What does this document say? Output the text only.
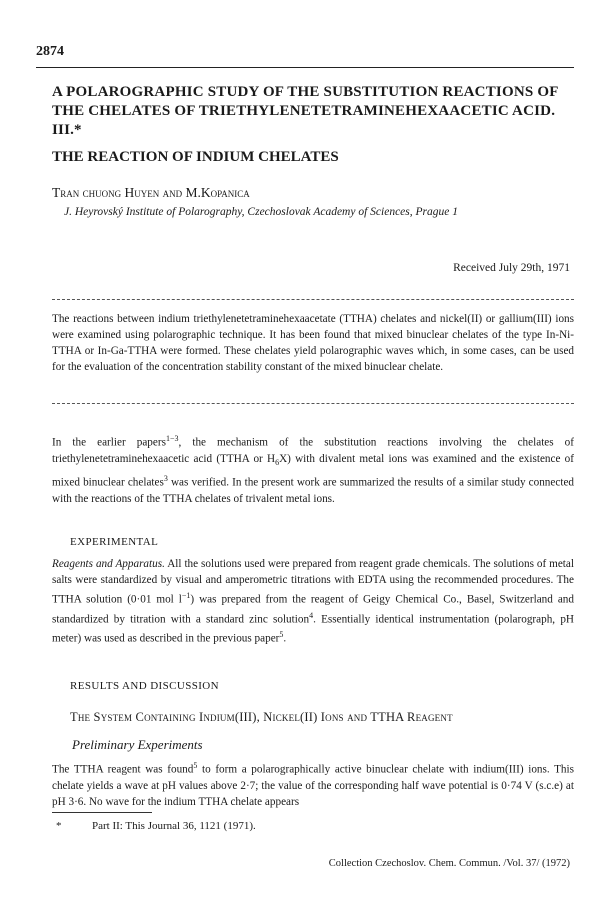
2874
A POLAROGRAPHIC STUDY OF THE SUBSTITUTION REACTIONS OF THE CHELATES OF TRIETHYLENETETRAMINEHEXAACETIC ACID. III.*
THE REACTION OF INDIUM CHELATES
Tran chuong Huyen and M.Kopanica
J. Heyrovský Institute of Polarography, Czechoslovak Academy of Sciences, Prague 1
Received July 29th, 1971
The reactions between indium triethylenetetraminehexaacetate (TTHA) chelates and nickel(II) or gallium(III) ions were examined using polarographic technique. It has been found that mixed binuclear chelates of the type In-Ni-TTHA or In-Ga-TTHA were formed. These chelates yield polarographic waves which, in some cases, can be used for the evaluation of the concentration stability constant of the mixed binuclear chelate.
In the earlier papers$^{1-3}$, the mechanism of the substitution reactions involving the chelates of triethylenetetraminehexaacetic acid (TTHA or $H_6X$) with divalent metal ions was examined and the existence of mixed binuclear chelates$^3$ was verified. In the present work are summarized the results of a similar study connected with the reactions of the TTHA chelates of trivalent metal ions.
EXPERIMENTAL
Reagents and Apparatus. All the solutions used were prepared from reagent grade chemicals. The solutions of metal salts were standardized by visual and amperometric titrations with EDTA using the recommended procedures. The TTHA solution (0·01 mol $l^{-1}$) was prepared from the reagent of Geigy Chemical Co., Basel, Switzerland and standardized by titration with a standard zinc solution$^4$. Essentially identical instrumentation (polarograph, pH meter) was used as described in the previous paper$^5$.
RESULTS AND DISCUSSION
The System Containing Indium(III), Nickel(II) Ions and TTHA Reagent
Preliminary Experiments
The TTHA reagent was found$^5$ to form a polarographically active binuclear chelate with indium(III) ions. This chelate yields a wave at pH values above 2·7; the value of the corresponding half wave potential is 0·74 V (s.c.e) at pH 3·6. No wave for the indium TTHA chelate appears
*	Part II: This Journal 36, 1121 (1971).
Collection Czechoslov. Chem. Commun. /Vol. 37/ (1972)
